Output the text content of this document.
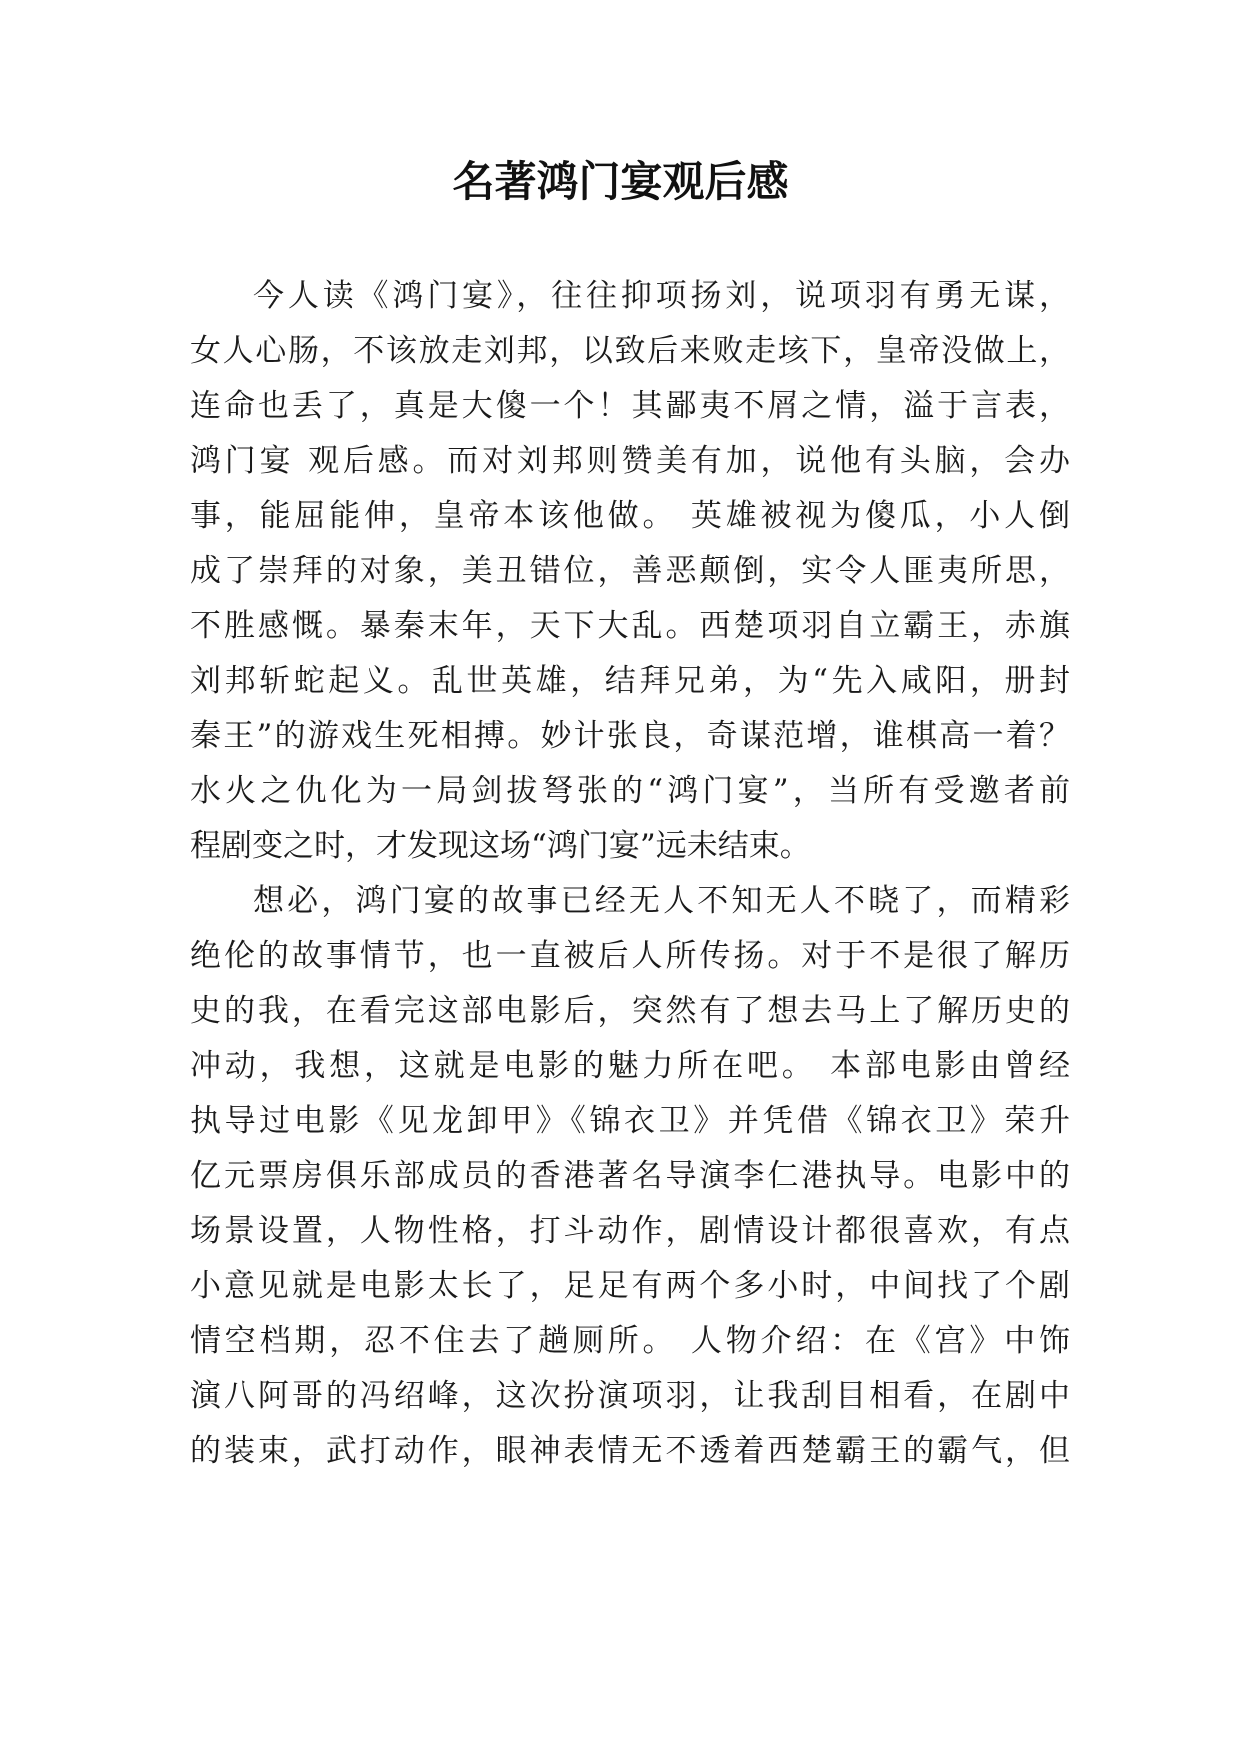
名著鸿门宴观后感

今人读《鸿门宴》，往往抑项扬刘，说项羽有勇无谋，

女人心肠，不该放走刘邦，以致后来败走垓下，皇帝没做上，

连命也丢了，真是大傻一个！其鄙夷不屑之情，溢于言表，

鸿门宴 观后感。而对刘邦则赞美有加，说他有头脑，会办

事，能屈能伸，皇帝本该他做。 英雄被视为傻瓜，小人倒

成了崇拜的对象，美丑错位，善恶颠倒，实令人匪夷所思，

不胜感慨。暴秦末年，天下大乱。西楚项羽自立霸王，赤旗

刘邦斩蛇起义。乱世英雄，结拜兄弟，为“先入咸阳，册封

秦王”的游戏生死相搏。妙计张良，奇谋范增，谁棋高一着？

水火之仇化为一局剑拔弩张的“鸿门宴”，当所有受邀者前

程剧变之时，才发现这场“鸿门宴”远未结束。

想必，鸿门宴的故事已经无人不知无人不晓了，而精彩

绝伦的故事情节，也一直被后人所传扬。对于不是很了解历

史的我，在看完这部电影后，突然有了想去马上了解历史的

冲动，我想，这就是电影的魅力所在吧。 本部电影由曾经

执导过电影《见龙卸甲》《锦衣卫》并凭借《锦衣卫》荣升

亿元票房俱乐部成员的香港著名导演李仁港执导。电影中的

场景设置，人物性格，打斗动作，剧情设计都很喜欢，有点

小意见就是电影太长了，足足有两个多小时，中间找了个剧

情空档期，忍不住去了趟厕所。 人物介绍：在《宫》中饰

演八阿哥的冯绍峰，这次扮演项羽，让我刮目相看，在剧中

的装束，武打动作，眼神表情无不透着西楚霸王的霸气，但
